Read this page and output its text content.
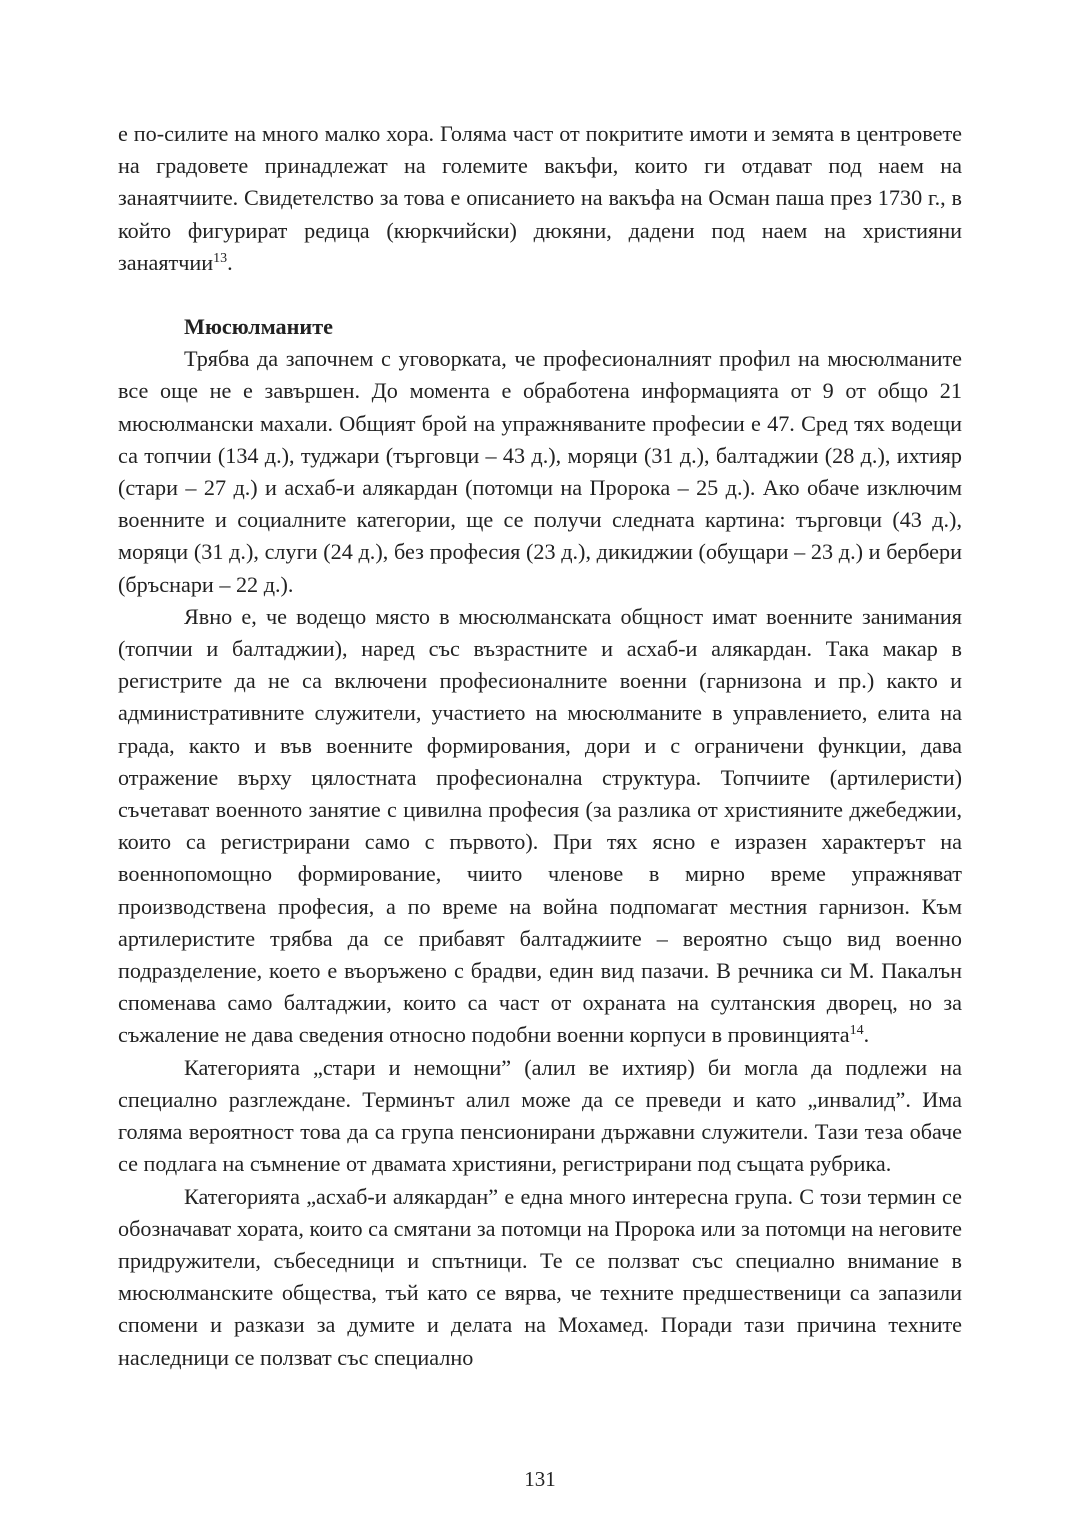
е по-силите на много малко хора. Голяма част от покритите имоти и земята в центровете на градовете принадлежат на големите вакъфи, които ги отдават под наем на занаятчиите. Свидетелство за това е описанието на вакъфа на Осман паша през 1730 г., в който фигурират редица (кюркчийски) дюкяни, дадени под наем на християни занаятчии$^{13}$.

Мюсюлманите

Трябва да започнем с уговорката, че професионалният профил на мюсюлманите все още не е завършен. До момента е обработена информацията от 9 от общо 21 мюсюлмански махали. Общият брой на упражняваните професии е 47. Сред тях водещи са топчии (134 д.), туджари (търговци – 43 д.), моряци (31 д.), балтаджии (28 д.), ихтияр (стари – 27 д.) и асхаб-и алякардан (потомци на Пророка – 25 д.). Ако обаче изключим военните и социалните категории, ще се получи следната картина: търговци (43 д.), моряци (31 д.), слуги (24 д.), без професия (23 д.), дикиджии (обущари – 23 д.) и бербери (бръснари – 22 д.).

Явно е, че водещо място в мюсюлманската общност имат военните занимания (топчии и балтаджии), наред със възрастните и асхаб-и алякардан. Така макар в регистрите да не са включени професионалните военни (гарнизона и пр.) както и административните служители, участието на мюсюлманите в управлението, елита на града, както и във военните формирования, дори и с ограничени функции, дава отражение върху цялостната професионална структура. Топчиите (артилеристи) съчетават военното занятие с цивилна професия (за разлика от християните джебеджии, които са регистрирани само с първото). При тях ясно е изразен характерът на военнопомощно формирование, чиито членове в мирно време упражняват производствена професия, а по време на война подпомагат местния гарнизон. Към артилеристите трябва да се прибавят балтаджиите – вероятно също вид военно подразделение, което е въоръжено с брадви, един вид пазачи. В речника си М. Пакалън споменава само балтаджии, които са част от охраната на султанския дворец, но за съжаление не дава сведения относно подобни военни корпуси в провинцията$^{14}$.

Категорията „стари и немощни” (алил ве ихтияр) би могла да подлежи на специално разглеждане. Терминът алил може да се преведи и като „инвалид”. Има голяма вероятност това да са група пенсионирани държавни служители. Тази теза обаче се подлага на съмнение от двамата християни, регистрирани под същата рубрика.

Категорията „асхаб-и алякардан” е една много интересна група. С този термин се обозначават хората, които са смятани за потомци на Пророка или за потомци на неговите придружители, събеседници и спътници. Те се ползват със специално внимание в мюсюлманските общества, тъй като се вярва, че техните предшественици са запазили спомени и разкази за думите и делата на Мохамед. Поради тази причина техните наследници се ползват със специално

131
